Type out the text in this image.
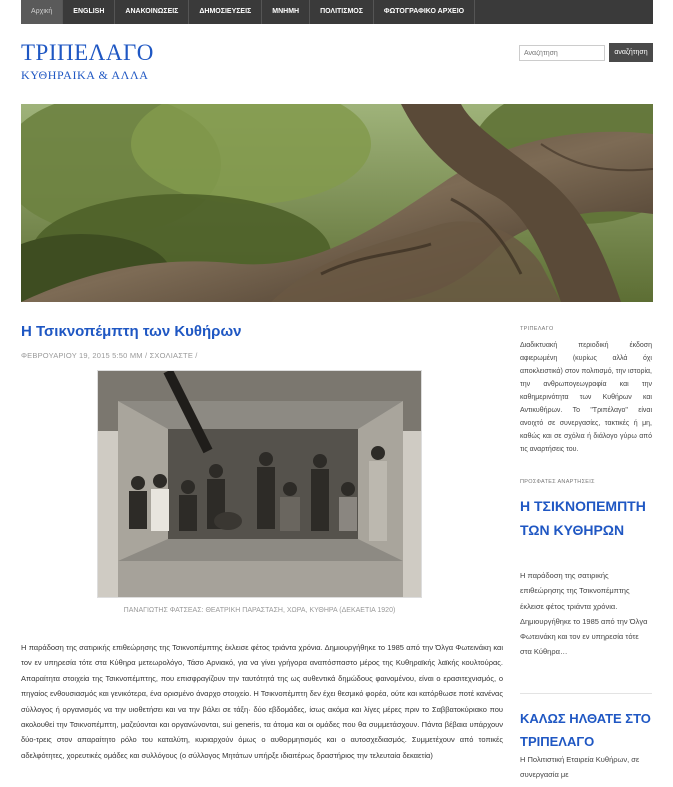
Αρχική	ENGLISH	ΑΝΑΚΟΙΝΩΣΕΙΣ	ΔΗΜΟΣΙΕΥΣΕΙΣ	ΜΝΗΜΗ	ΠΟΛΙΤΙΣΜΟΣ	ΦΩΤΟΓΡΑΦΙΚΟ ΑΡΧΕΙΟ
ΤΡΙΠΕΛΑΓΟ
ΚΥΘΗΡΑΙΚΑ & ΑΛΛΑ
Αναζήτηση
αναζήτηση
Η Τσικνοπέμπτη των Κυθήρων
ΦΕΒΡΟΥΑΡΙΟΥ 19, 2015 5:50 ΜΜ / ΣΧΟΛΙΑΣΤΕ /
ΠΑΝΑΓΙΩΤΗΣ ΦΑΤΣΕΑΣ: ΘΕΑΤΡΙΚΗ ΠΑΡΑΣΤΑΣΗ, ΧΩΡΑ, ΚΥΘΗΡΑ (ΔΕΚΑΕΤΙΑ 1920)
Η παράδοση της σατιρικής επιθεώρησης της Τσικνοπέμπτης έκλεισε φέτος τριάντα χρόνια. Δημιουργήθηκε το 1985 από την Όλγα Φωτεινάκη και τον εν υπηρεσία τότε στα Κύθηρα μετεωρολόγο, Τάσο Αρνιακό, για να γίνει γρήγορα αναπόσπαστο μέρος της Κυθηραϊκής λαϊκής κουλτούρας. Απαραίτητα στοιχεία της Τσικνοπέμπτης, που επισφραγίζουν την ταυτότητά της ως αυθεντικά δημώδους φαινομένου, είναι ο ερασιτεχνισμός, ο πηγαίος ενθουσιασμός και γενικότερα, ένα ορισμένο άναρχο στοιχείο. Η Τσικνοπέμπτη δεν έχει θεσμικό φορέα, ούτε και κατόρθωσε ποτέ κανένας σύλλογος ή οργανισμός να την υιοθετήσει και να την βάλει σε τάξη· δύο εβδομάδες, ίσως ακόμα και λίγες μέρες πριν το Σαββατοκύριακο που ακολουθεί την Τσικνοπέμπτη, μαζεύονται και οργανώνονται, sui generis, τα άτομα και οι ομάδες που θα συμμετάσχουν. Πάντα βέβαια υπάρχουν δύο-τρεις στον απαραίτητο ρόλο του καταλύτη, κυριαρχούν όμως ο αυθορμητισμός και ο αυτοσχεδιασμός. Συμμετέχουν από τοπικές αδελφότητες, χορευτικές ομάδες και συλλόγους (ο σύλλογος Μητάτων υπήρξε ιδιαιτέρως δραστήριος την τελευταία δεκαετία)
ΤΡΙΠΕΛΑΓΟ
Διαδικτυακή περιοδική έκδοση αφιερωμένη (κυρίως αλλά όχι αποκλειστικά) στον πολιτισμό, την ιστορία, την ανθρωπογεωγραφία και την καθημερινότητα των Κυθήρων και Αντικυθήρων. Το "Τριπέλαγο" είναι ανοιχτό σε συνεργασίες, τακτικές ή μη, καθώς και σε σχόλια ή διάλογο γύρω από τις αναρτήσεις του.
ΠΡΟΣΦΑΤΕΣ ΑΝΑΡΤΗΣΕΙΣ
Η ΤΣΙΚΝΟΠΕΜΠΤΗ ΤΩΝ ΚΥΘΗΡΩΝ
Η παράδοση της σατιρικής επιθεώρησης της Τσικνοπέμπτης έκλεισε φέτος τριάντα χρόνια. Δημιουργήθηκε το 1985 από την Όλγα Φωτεινάκη και τον εν υπηρεσία τότε στα Κύθηρα…
ΚΑΛΩΣ ΗΛΘΑΤΕ ΣΤΟ ΤΡΙΠΕΛΑΓΟ
Η Πολιτιστική Εταιρεία Κυθήρων, σε συνεργασία με
